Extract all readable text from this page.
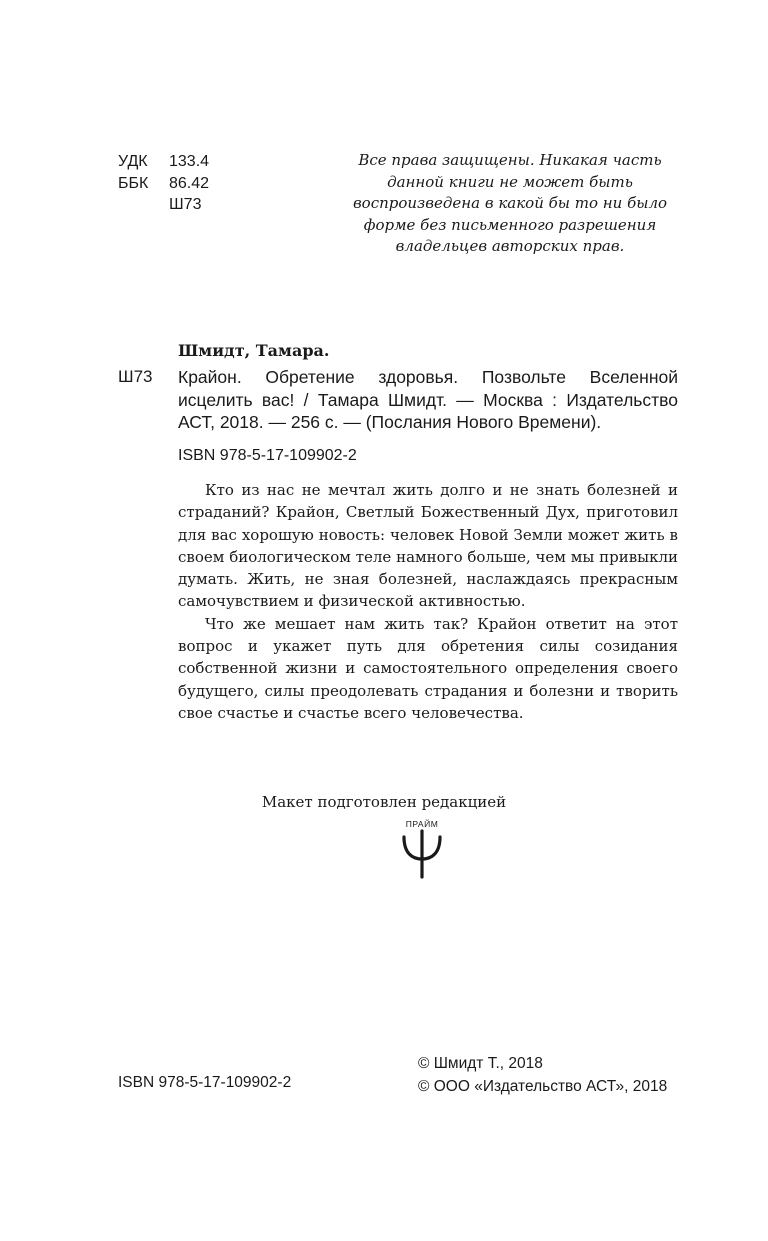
УДК	133.4
ББК	86.42
Ш73
Все права защищены. Никакая часть
данной книги не может быть
воспроизведена в какой бы то ни было
форме без письменного разрешения
владельцев авторских прав.
Шмидт, Тамара.
Ш73 Крайон. Обретение здоровья. Позвольте Вселенной исцелить вас! / Тамара Шмидт. — Москва : Издательство АСТ, 2018. — 256 с. — (Послания Нового Времени).
ISBN 978-5-17-109902-2

Кто из нас не мечтал жить долго и не знать болезней и страданий? Крайон, Светлый Божественный Дух, приготовил для вас хорошую новость: человек Новой Земли может жить в своем биологическом теле намного больше, чем мы привыкли думать. Жить, не зная болезней, наслаждаясь прекрасным самочувствием и физической активностью.

Что же мешает нам жить так? Крайон ответит на этот вопрос и укажет путь для обретения силы созидания собственной жизни и самостоятельного определения своего будущего, силы преодолевать страдания и болезни и творить свое счастье и счастье всего человечества.

Макет подготовлен редакцией
ПРАЙМ
© Шмидт Т., 2018
© ООО «Издательство АСТ», 2018
ISBN 978-5-17-109902-2
